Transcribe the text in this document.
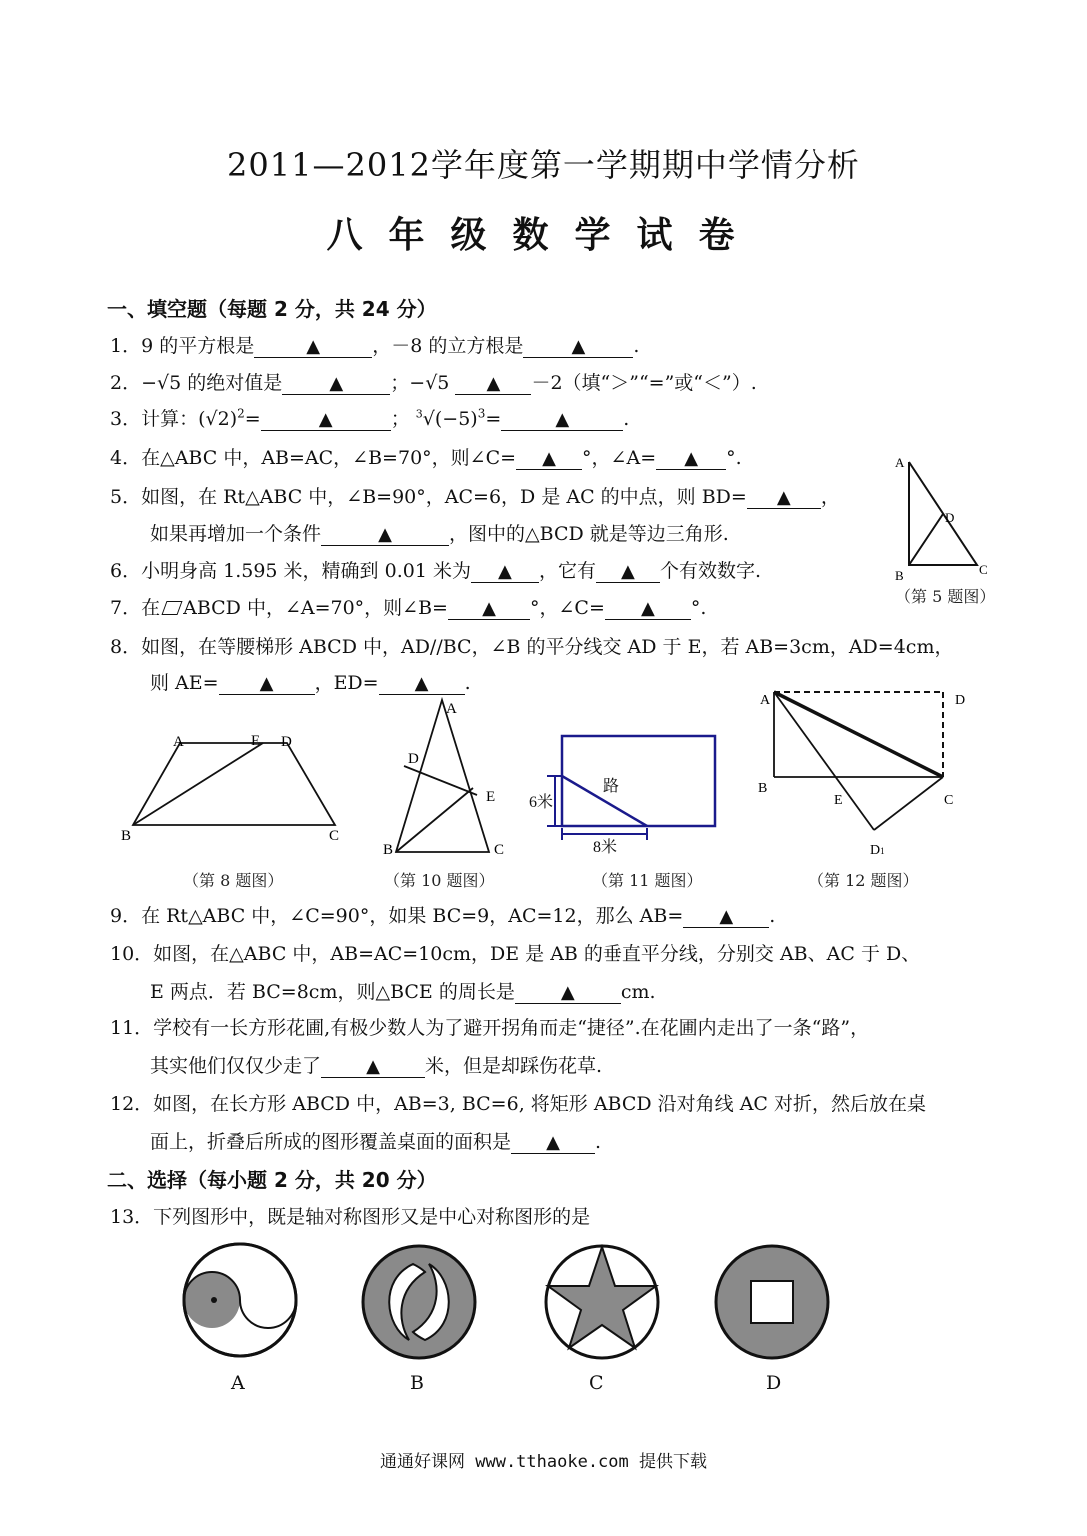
2011—2012学年度第一学期期中学情分析
八年级数学试卷
一、填空题（每题 2 分，共 24 分）
1．9 的平方根是	▲	，－8 的立方根是	▲	.
2．−√5 的绝对值是	▲ ；−√5 ▲ －2（填“＞”“=”或“＜”）.
3．计算：$(√2)^2=$	▲	； $^3√(-5)^3=$	▲	.
4．在△ABC 中，AB=AC，∠B=70°，则∠C= ▲ °，∠A= ▲ °.
5．如图，在 Rt△ABC 中，∠B=90°，AC=6，D 是 AC 的中点，则 BD= ▲ ，
如果再增加一个条件	▲	，图中的△BCD 就是等边三角形.
6．小明身高 1.595 米，精确到 0.01 米为 ▲ ，它有 ▲ 个有效数字.
7．在 ABCD 中，∠A=70°，则∠B= ▲ °，∠C= ▲ °.
8．如图，在等腰梯形 ABCD 中，AD//BC，∠B 的平分线交 AD 于 E，若 AB=3cm，AD=4cm，
则 AE= ▲ ，ED= ▲ .
A
D
B	C
（第 5 题图）
A	E D
B	C
（第 8 题图）
A
D
E
B	C
（第 10 题图）
路
6米
8米
（第 11 题图）
A	D
B
E	C
D1
（第 12 题图）
9．在 Rt△ABC 中，∠C=90°，如果 BC=9，AC=12，那么 AB= ▲ .
10．如图，在△ABC 中，AB=AC=10cm，DE 是 AB 的垂直平分线，分别交 AB、AC 于 D、
E 两点．若 BC=8cm，则△BCE 的周长是	▲ cm.
11．学校有一长方形花圃,有极少数人为了避开拐角而走“捷径”.在花圃内走出了一条“路”，
其实他们仅仅少走了	▲ 米，但是却踩伤花草.
12．如图，在长方形 ABCD 中，AB=3, BC=6, 将矩形 ABCD 沿对角线 AC 对折，然后放在桌
面上，折叠后所成的图形覆盖桌面的面积是 ▲ .
二、选择（每小题 2 分，共 20 分）
13．下列图形中，既是轴对称图形又是中心对称图形的是
A	B	C	D
通通好课网 www.tthaoke.com 提供下载
